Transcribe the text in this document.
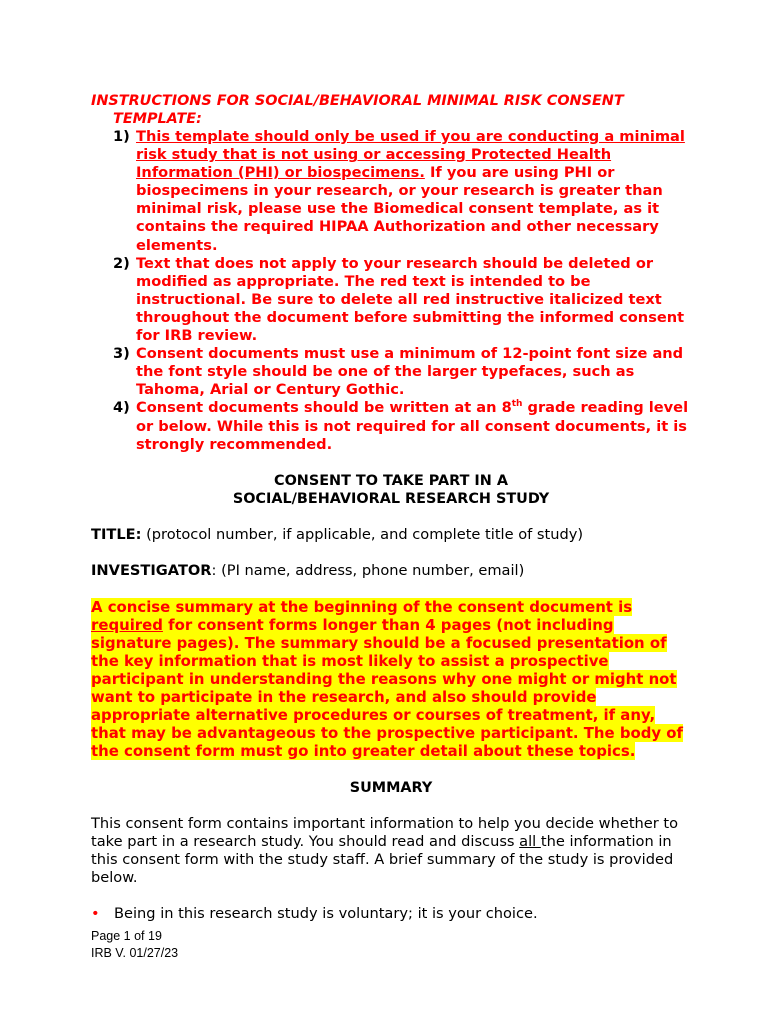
INSTRUCTIONS FOR SOCIAL/BEHAVIORAL MINIMAL RISK CONSENT
TEMPLATE:
1) This template should only be used if you are conducting a minimal risk study that is not using or accessing Protected Health Information (PHI) or biospecimens. If you are using PHI or biospecimens in your research, or your research is greater than minimal risk, please use the Biomedical consent template, as it contains the required HIPAA Authorization and other necessary elements.
2) Text that does not apply to your research should be deleted or modified as appropriate. The red text is intended to be instructional. Be sure to delete all red instructive italicized text throughout the document before submitting the informed consent for IRB review.
3) Consent documents must use a minimum of 12-point font size and the font style should be one of the larger typefaces, such as Tahoma, Arial or Century Gothic.
4) Consent documents should be written at an 8th grade reading level or below. While this is not required for all consent documents, it is strongly recommended.
CONSENT TO TAKE PART IN A
SOCIAL/BEHAVIORAL RESEARCH STUDY
TITLE: (protocol number, if applicable, and complete title of study)
INVESTIGATOR: (PI name, address, phone number, email)
A concise summary at the beginning of the consent document is required for consent forms longer than 4 pages (not including signature pages). The summary should be a focused presentation of the key information that is most likely to assist a prospective participant in understanding the reasons why one might or might not want to participate in the research, and also should provide appropriate alternative procedures or courses of treatment, if any, that may be advantageous to the prospective participant. The body of the consent form must go into greater detail about these topics.
SUMMARY
This consent form contains important information to help you decide whether to take part in a research study. You should read and discuss all the information in this consent form with the study staff. A brief summary of the study is provided below.
• Being in this research study is voluntary; it is your choice.
Page 1 of 19
IRB V. 01/27/23
